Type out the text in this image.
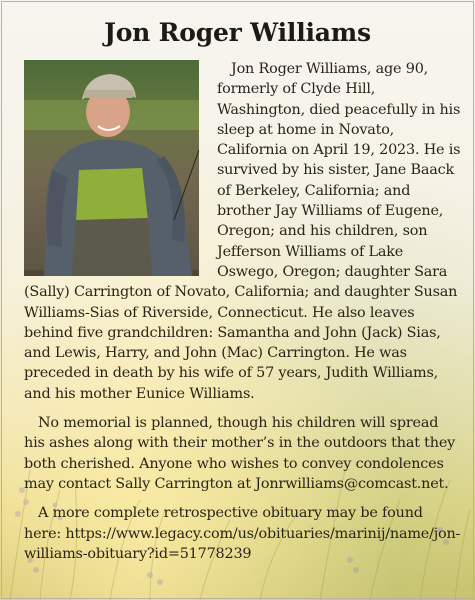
Jon Roger Williams

Jon Roger Williams, age 90, formerly of Clyde Hill, Washington, died peacefully in his sleep at home in Novato, California on April 19, 2023. He is survived by his sister, Jane Baack of Berkeley, California; and brother Jay Williams of Eugene, Oregon; and his children, son Jefferson Williams of Lake Oswego, Oregon; daughter Sara (Sally) Carrington of Novato, California; and daughter Susan Williams-Sias of Riverside, Connecticut. He also leaves behind five grandchildren: Samantha and John (Jack) Sias, and Lewis, Harry, and John (Mac) Carrington. He was preceded in death by his wife of 57 years, Judith Williams, and his mother Eunice Williams.

No memorial is planned, though his children will spread his ashes along with their mother’s in the outdoors that they both cherished. Anyone who wishes to convey condolences may contact Sally Carrington at Jonrwilliams@comcast.net.

A more complete retrospective obituary may be found here: https://www.legacy.com/us/obituaries/marinij/name/jon-williams-obituary?id=51778239
